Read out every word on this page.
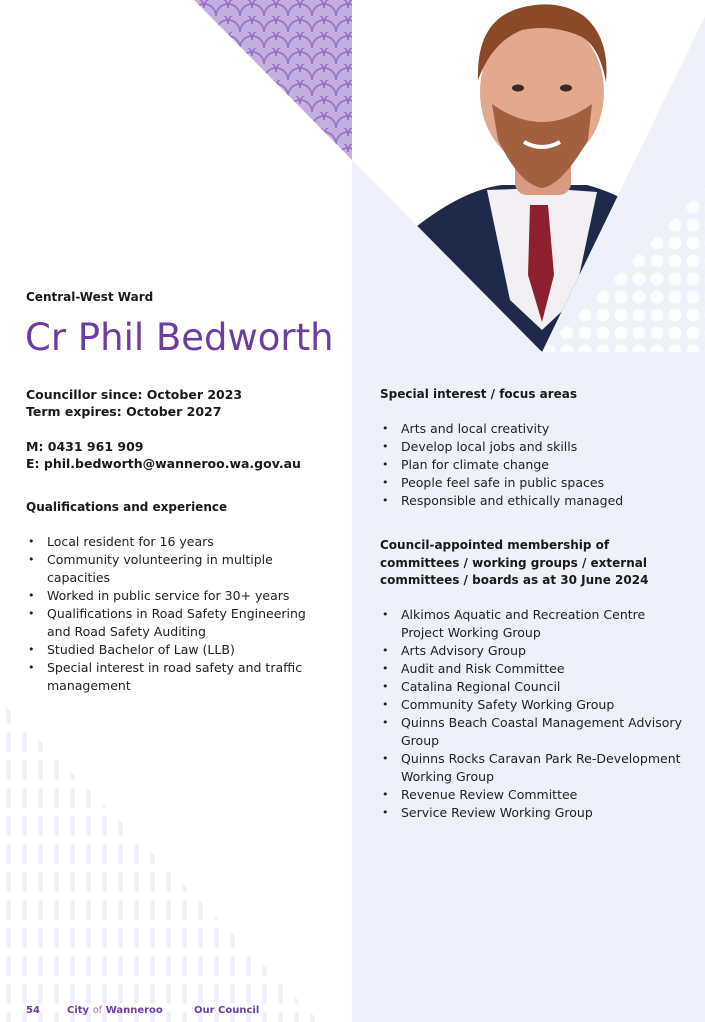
Central-West Ward
Cr Phil Bedworth
Councillor since: October 2023
Term expires: October 2027
M: 0431 961 909
E: phil.bedworth@wanneroo.wa.gov.au
Qualifications and experience
• Local resident for 16 years
• Community volunteering in multiple capacities
• Worked in public service for 30+ years
• Qualifications in Road Safety Engineering and Road Safety Auditing
• Studied Bachelor of Law (LLB)
• Special interest in road safety and traffic management
Special interest / focus areas
• Arts and local creativity
• Develop local jobs and skills
• Plan for climate change
• People feel safe in public spaces
• Responsible and ethically managed
Council-appointed membership of committees / working groups / external committees / boards as at 30 June 2024
• Alkimos Aquatic and Recreation Centre Project Working Group
• Arts Advisory Group
• Audit and Risk Committee
• Catalina Regional Council
• Community Safety Working Group
• Quinns Beach Coastal Management Advisory Group
• Quinns Rocks Caravan Park Re-Development Working Group
• Revenue Review Committee
• Service Review Working Group
54	City of Wanneroo	Our Council
